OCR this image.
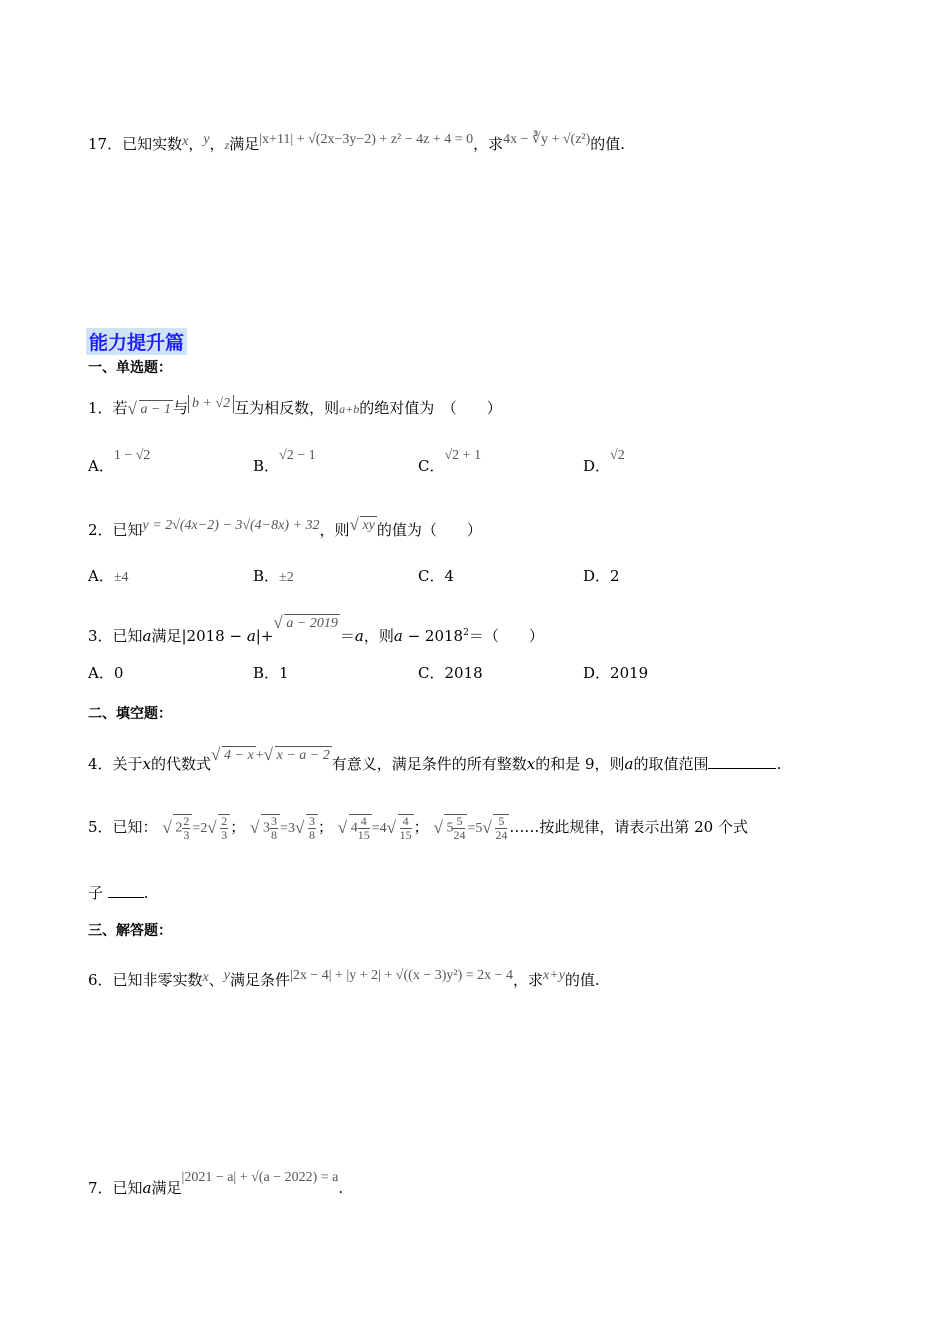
17．已知实数x，y，z满足|x+11| + √(2x−3y−2) + z² − 4z + 4 = 0，求4x − ∛y + √(z²)的值.
能力提升篇
一、单选题：
1．若 √ a − 1 与 b + √2 互为相反数，则a+b的绝对值为　（　　）
A．1 − √2
B．√2 − 1
C．√2 + 1
D．√2
2．已知y = 2√(4x−2) − 3√(4−8x) + 32，则 √ xy 的值为（　　）
A．±4	B．±2	C．4	D．2
3．已知a满足|2018 − a|+√ a − 2019＝a，则$a - 2018^2=$（　　）
A．0	B．1	C．2018	D．2019
二、填空题：
4．关于x的代数式 √ 4 − x + √ x − a − 2 有意义，满足条件的所有整数x的和是 9，则a的取值范围	.
5．已知： √ $2 \frac{2}{3} =2$ √ $\frac{2}{3}$ ； √ $3 \frac{3}{8} =3$ √ $\frac{3}{8}$ ； √ $4 \frac{4}{15} =4$ √ $\frac{4}{15}$ ； √ $5 \frac{5}{24} =5$ √ $\frac{5}{24}$ ……按此规律，请表示出第 20 个式
子	.
三、解答题：
6．已知非零实数x、y满足条件|2x − 4| + |y + 2| + √((x − 3)y²) = 2x − 4，求x+y的值.
7．已知a满足|2021 − a| + √(a − 2022) = a.
